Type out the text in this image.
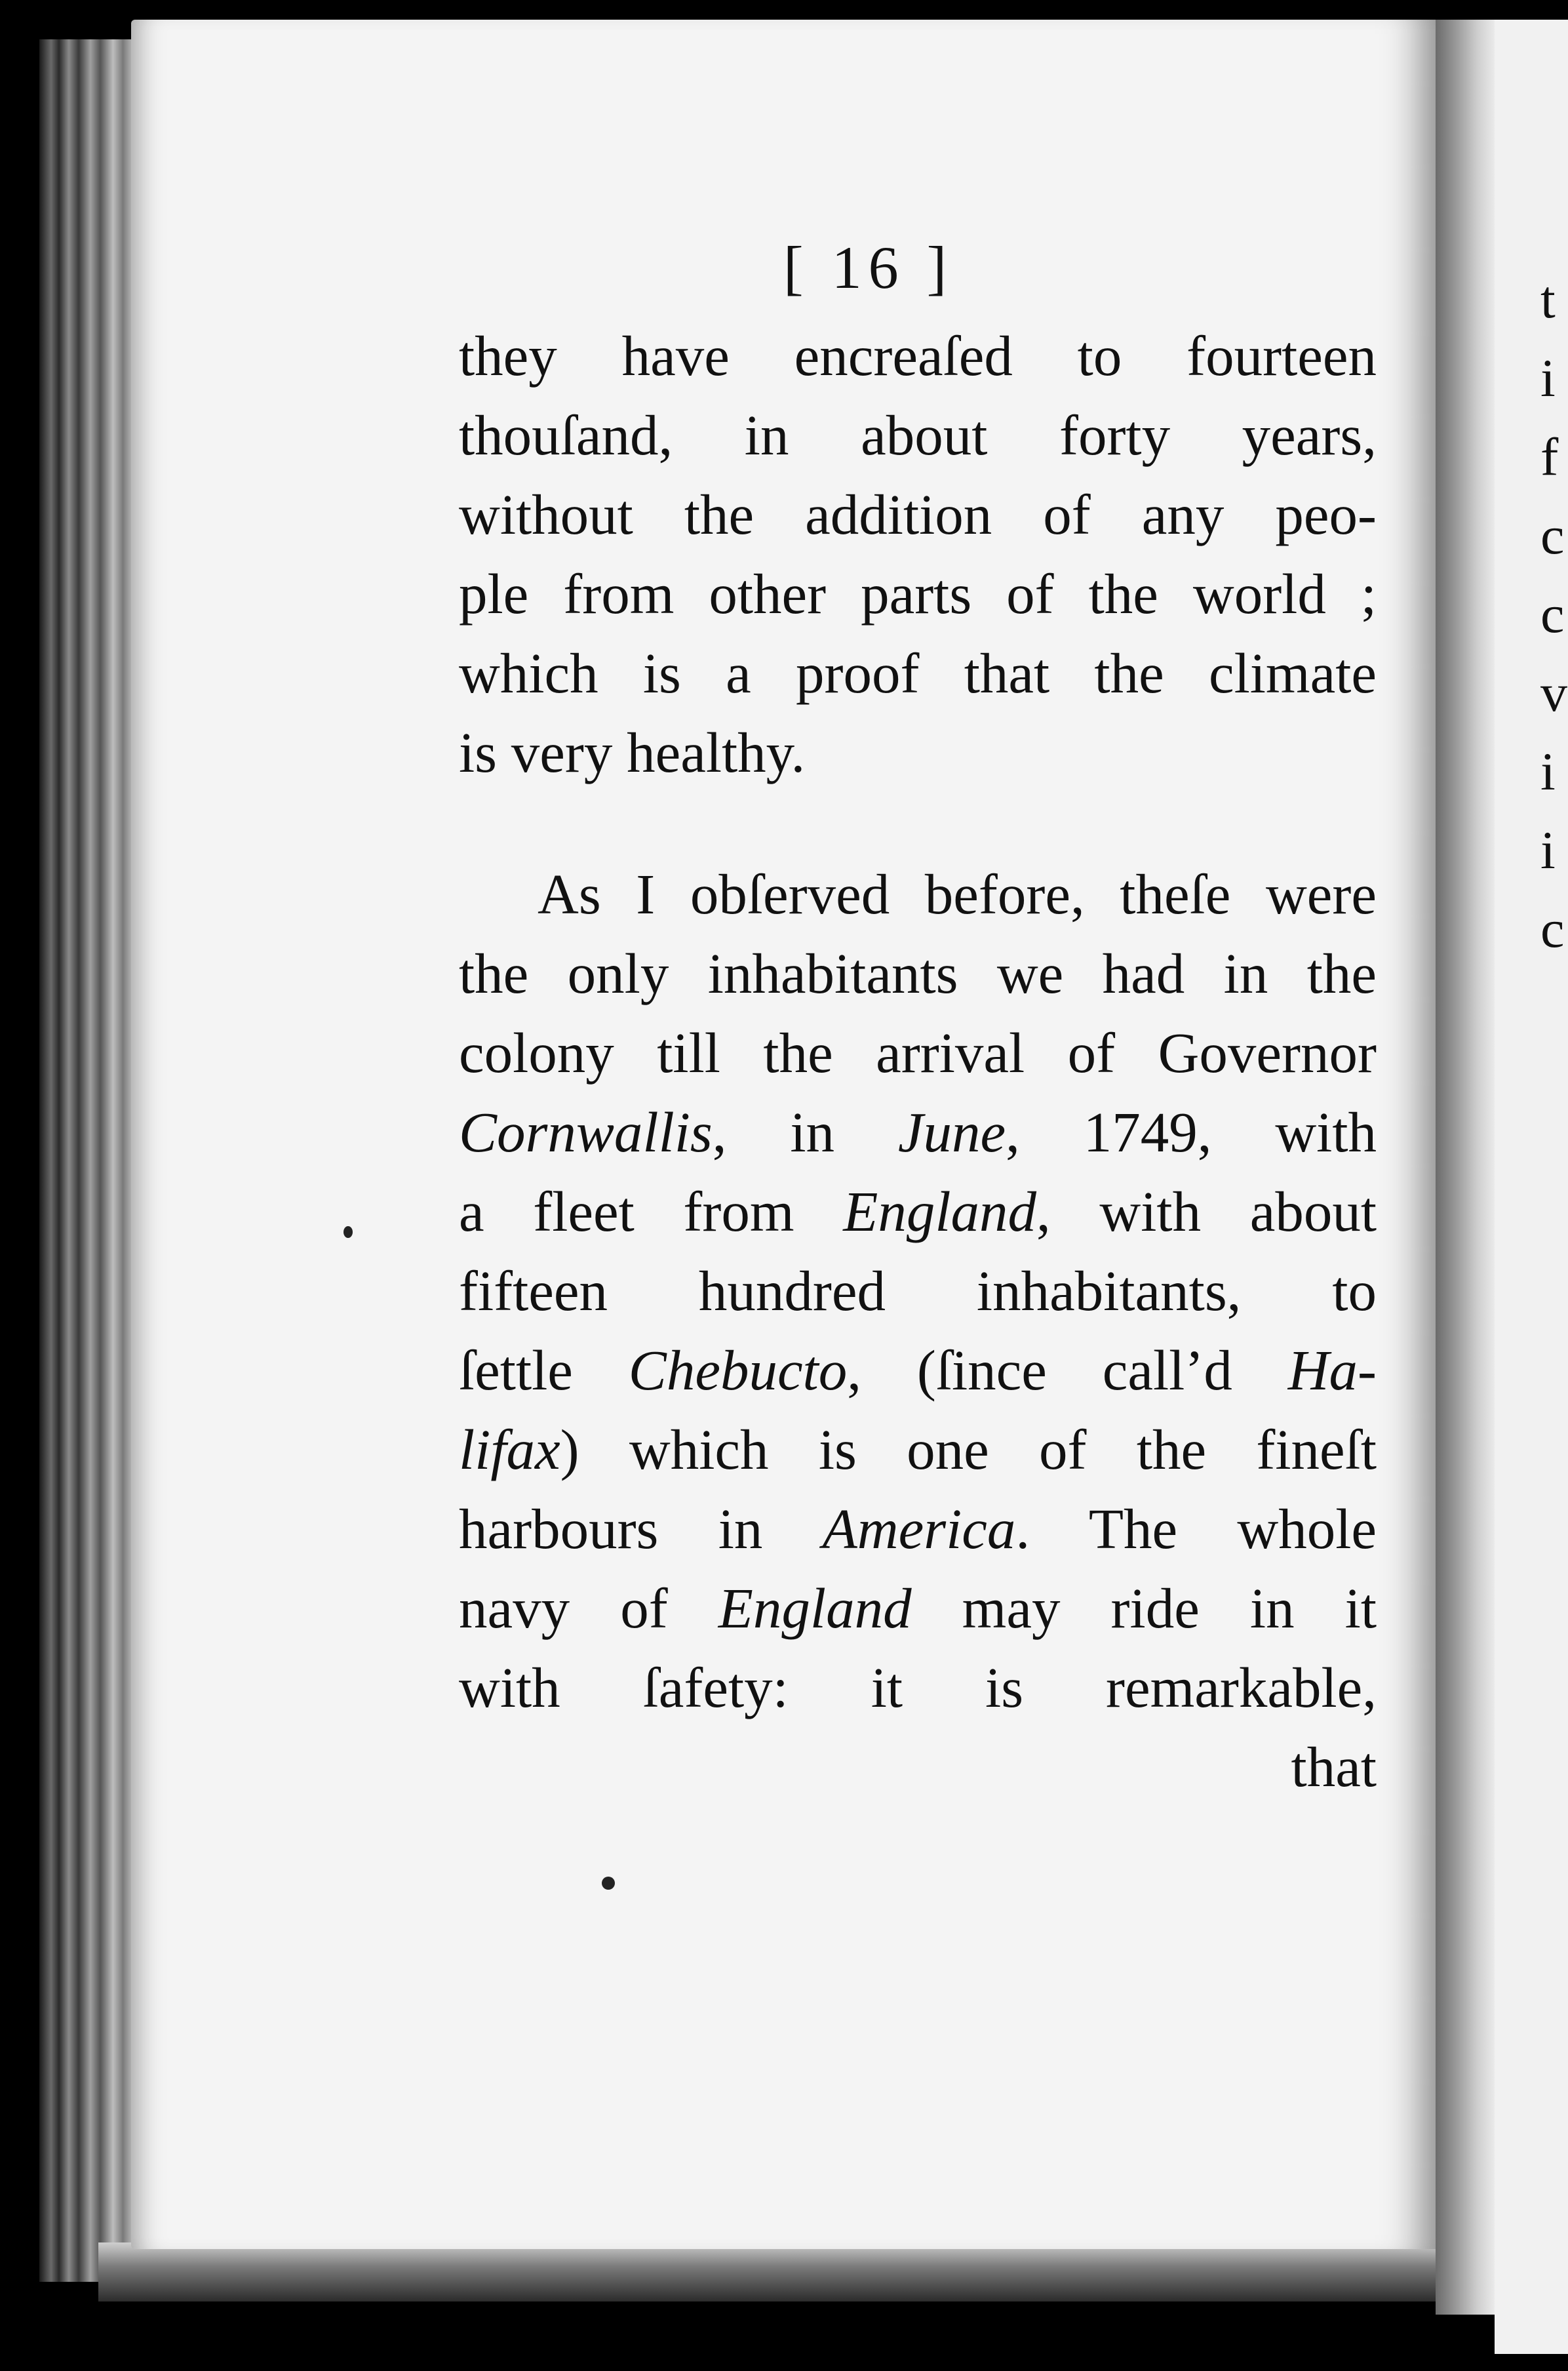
t
i
f
c
c
v
i
i
c
[ 16 ]
they have encreaſed to fourteen
thouſand, in about forty years,
without the addition of any peo-
ple from other parts of the world ;
which is a proof that the climate
is very healthy.
As I obſerved before, theſe were
the only inhabitants we had in the
colony till the arrival of Governor
Cornwallis, in June, 1749, with
a fleet from England, with about
fifteen hundred inhabitants, to
ſettle Chebucto, (ſince call’d Ha-
lifax) which is one of the fineſt
harbours in America. The whole
navy of England may ride in it
with ſafety: it is remarkable,
that
